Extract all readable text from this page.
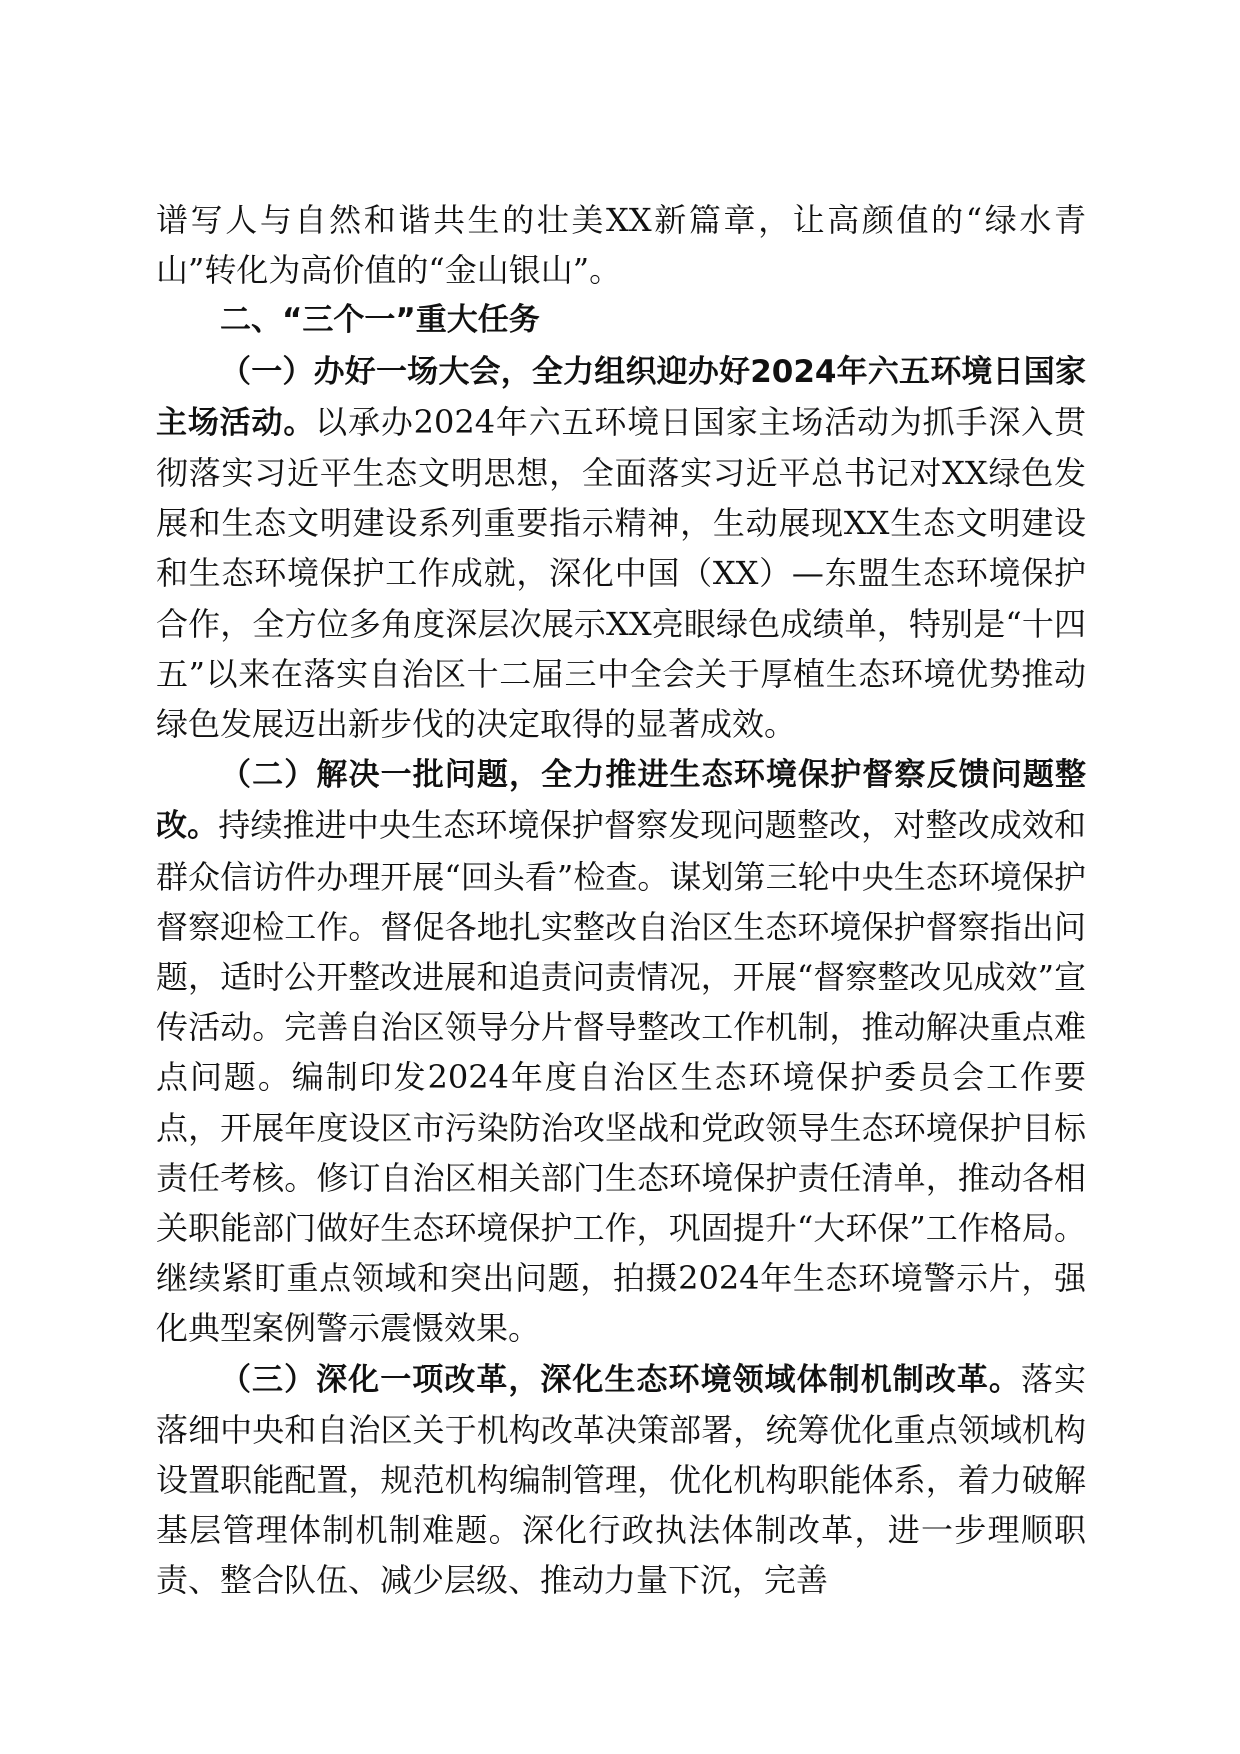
谱写人与自然和谐共生的壮美XX新篇章，让高颜值的“绿水青山”转化为高价值的“金山银山”。

二、“三个一”重大任务

（一）办好一场大会，全力组织迎办好2024年六五环境日国家主场活动。以承办2024年六五环境日国家主场活动为抓手深入贯彻落实习近平生态文明思想，全面落实习近平总书记对XX绿色发展和生态文明建设系列重要指示精神，生动展现XX生态文明建设和生态环境保护工作成就，深化中国（XX）—东盟生态环境保护合作，全方位多角度深层次展示XX亮眼绿色成绩单，特别是“十四五”以来在落实自治区十二届三中全会关于厚植生态环境优势推动绿色发展迈出新步伐的决定取得的显著成效。

（二）解决一批问题，全力推进生态环境保护督察反馈问题整改。持续推进中央生态环境保护督察发现问题整改，对整改成效和群众信访件办理开展“回头看”检查。谋划第三轮中央生态环境保护督察迎检工作。督促各地扎实整改自治区生态环境保护督察指出问题，适时公开整改进展和追责问责情况，开展“督察整改见成效”宣传活动。完善自治区领导分片督导整改工作机制，推动解决重点难点问题。编制印发2024年度自治区生态环境保护委员会工作要点，开展年度设区市污染防治攻坚战和党政领导生态环境保护目标责任考核。修订自治区相关部门生态环境保护责任清单，推动各相关职能部门做好生态环境保护工作，巩固提升“大环保”工作格局。继续紧盯重点领域和突出问题，拍摄2024年生态环境警示片，强化典型案例警示震慑效果。

（三）深化一项改革，深化生态环境领域体制机制改革。落实落细中央和自治区关于机构改革决策部署，统筹优化重点领域机构设置职能配置，规范机构编制管理，优化机构职能体系，着力破解基层管理体制机制难题。深化行政执法体制改革，进一步理顺职责、整合队伍、减少层级、推动力量下沉，完善
